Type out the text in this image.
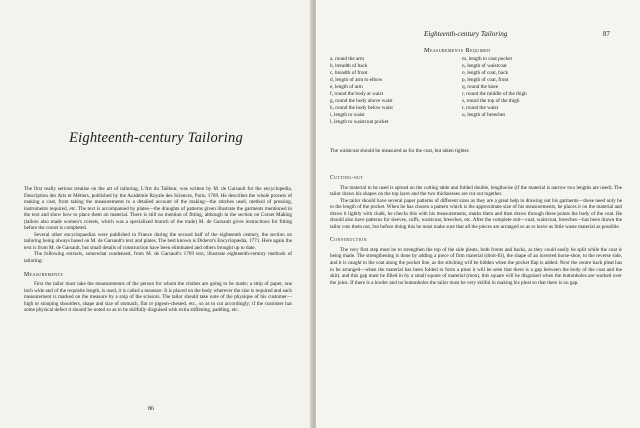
Eighteenth-century Tailoring

The first really serious treatise on the art of tailoring, L'Art du Tailleur, was written by M. de Garsault for the encyclopedia, Description des Arts et Métiers, published by the Académie Royale des Sciences, Paris, 1769. He describes the whole process of making a coat, from taking the measurements to a detailed account of the making—the stitches used, method of pressing, instruments required, etc. The text is accompanied by plates—the draughts of patterns given illustrate the garments mentioned in the text and show how to place them on material. There is still no mention of fitting, although in the section on Corset Making (tailors also made women's corsets, which was a specialized branch of the trade) M. de Garsault gives instructions for fitting before the corset is completed.

Several other encyclopaedias were published in France during the second half of the eighteenth century, the section on tailoring being always based on M. de Garsault's text and plates. The best known is Diderot's Encyclopædia, 1771. Here again the text is from M. de Garsault, but small details of construction have been eliminated and others brought up to date.

The following extracts, somewhat condensed, from M. de Garsault's 1769 text, illustrate eighteenth-century methods of tailoring:

Measurements

First the tailor must take the measurements of the person for whom the clothes are going to be made; a strip of paper, one inch wide and of the requisite length, is used, it is called a measure. It is placed on the body wherever the size is required and each measurement is marked on the measure by a snip of the scissors. The tailor should take note of the physique of his customer—high or stooping shoulders, shape and size of stomach, flat or pigeon-chested, etc., so as to cut accordingly; if the customer has some physical defect it should be noted so as to be skilfully disguised with extra stiffening, padding, etc.

86
Eighteenth-century Tailoring	87
Measurements Required
a, round the arm
b, breadth of back
c, breadth of front
d, length of arm to elbow
e, length of arm
f, round the body at waist
g, round the body above waist
h, round the body below waist
i, length to waist
l, length to waistcoat pocket
m, length to coat pocket
n, length of waistcoat
o, length of coat, back
p, length of coat, front
q, round the knee
r, round the middle of the thigh
s, round the top of the thigh
t, round the waist
u, length of breeches
The waistcoat should be measured as for the coat, but taken tighter.
Cutting-out

The material to be used is spread on the cutting table and folded double, lengthwise (if the material is narrow two lengths are used). The tailor draws his shapes on the top layer and the two thicknesses are cut out together.

The tailor should have several paper patterns of different sizes as they are a great help in drawing out his garments—these need only be to the length of the pocket. When he has chosen a pattern which is the approximate size of his measurements, he places it on the material and draws it lightly with chalk, he checks this with his measurements, marks them and then draws through these points the body of the coat. He should also have patterns for sleeves, cuffs, waistcoat, breeches, etc. After the complete suit—coat, waistcoat, breeches—has been drawn the tailor cuts them out, but before doing this he must make sure that all the pieces are arranged so as to leave as little waste material as possible.

Construction

The very first step must be to strengthen the top of the side pleats, both fronts and backs, as they could easily be split while the coat is being made. The strengthening is done by adding a piece of firm material (droit-fil), the shape of an inverted horse-shoe, to the reverse side, and it is caught to the coat along the pocket line, as the stitching will be hidden when the pocket flap is added. Next the centre back pleat has to be arranged—when the material has been folded to form a pleat it will be seen that there is a gap between the body of the coat and the skirt, and this gap must be filled in by a small square of material (mon), this square will be disguised when the buttonholes are worked over the joins. If there is a border and no buttonholes the tailor must be very skilful in making his pleat so that there is no gap.
